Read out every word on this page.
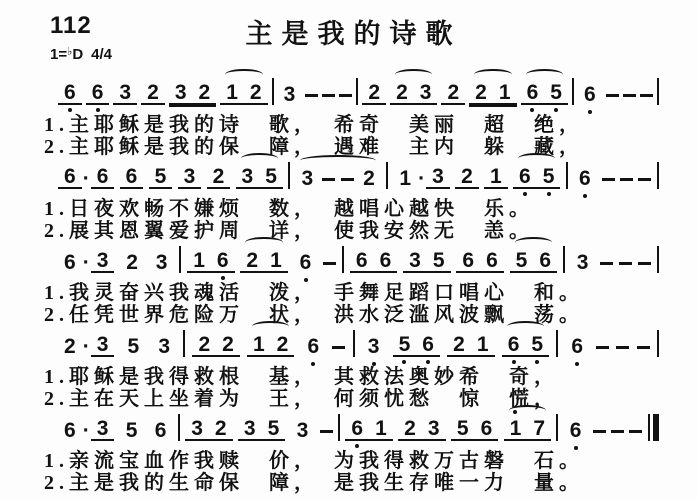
112	主是我的诗歌
1=♭D 4/4
6 6 3 2 3 2 1 2 3	2 2 3 2 2 1 6 5 6
1.主耶稣是我的诗　歌，　希奇　美丽　超　绝，
2.主耶稣是我的保　障，　遇难　主内　躲　藏，
6 · 6 6 5 3 2 3 5 3 2 1 · 3 2 1 6 5 6
1.日夜欢畅不嫌烦　数，　越唱心越快　乐。
2.展其恩翼爱护周　详，　使我安然无　恙。
6 · 3 2 3 1 6 2 1 6 6 6 3 5 6 6 5 6 3
1.我灵奋兴我魂活　泼，　手舞足蹈口唱心　和。
2.任凭世界危险万　状，　洪水泛滥风波飘　荡。
2 · 3 5 3 2 2 1 2 6 3 5 6 2 1 6 5 6
1.耶稣是我得救根　基，　其救法奥妙希　奇，
2.主在天上坐着为　王，　何须忧愁　惊　慌，
6 · 3 5 6 3 2 3 5 3 6 1 2 3 5 6 1 7 6
1.亲流宝血作我赎　价，　为我得救万古磐　石。
2.主是我的生命保　障，　是我生存唯一力　量。
